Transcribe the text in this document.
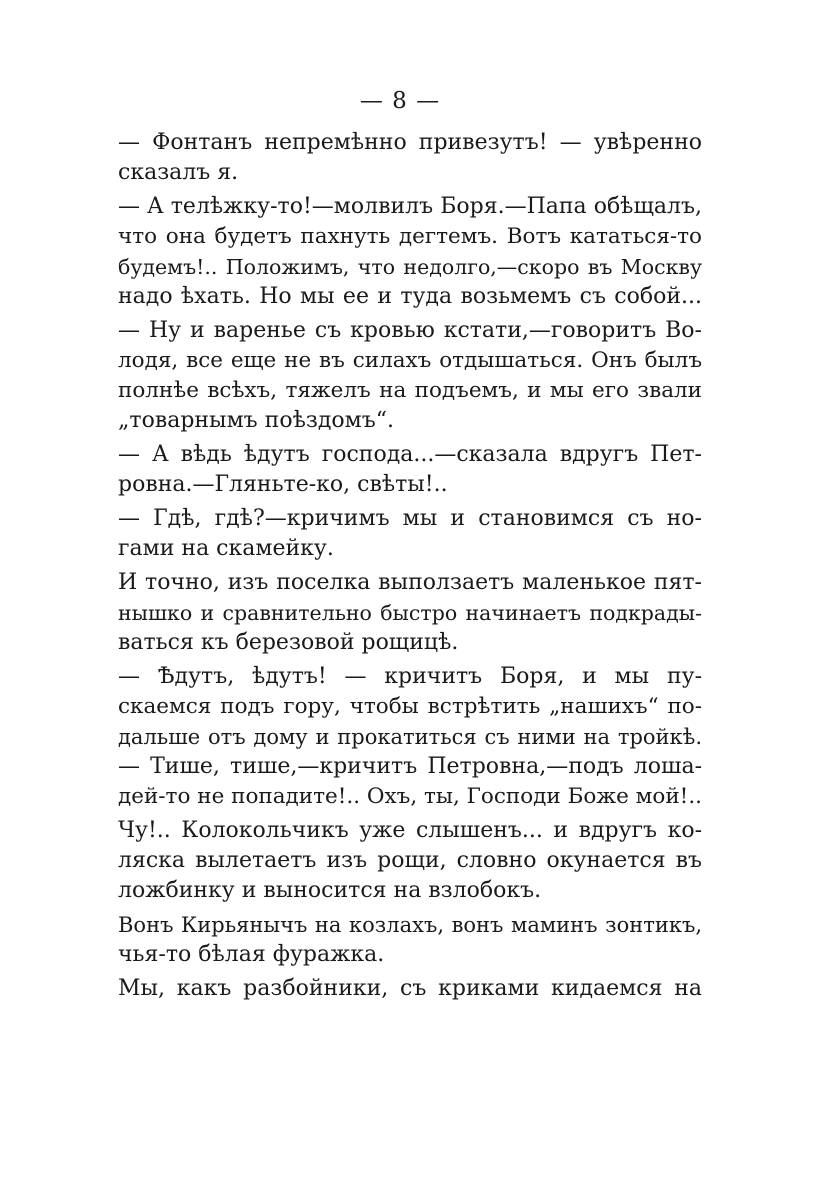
— 8 —
— Фонтанъ непремѣнно привезутъ! — увѣренно
сказалъ я.
— А телѣжку-то!—молвилъ Боря.—Папа обѣщалъ,
что она будетъ пахнуть дегтемъ. Вотъ кататься-то
будемъ!.. Положимъ, что недолго,—скоро въ Москву
надо ѣхать. Но мы ее и туда возьмемъ съ собой...
— Ну и варенье съ кровью кстати,—говоритъ Во-
лодя, все еще не въ силахъ отдышаться. Онъ былъ
полнѣе всѣхъ, тяжелъ на подъемъ, и мы его звали
„товарнымъ поѣздомъ“.
— А вѣдь ѣдутъ господа...—сказала вдругъ Пет-
ровна.—Гляньте-ко, свѣты!..
— Гдѣ, гдѣ?—кричимъ мы и становимся съ но-
гами на скамейку.
И точно, изъ поселка выползаетъ маленькое пят-
нышко и сравнительно быстро начинаетъ подкрады-
ваться къ березовой рощицѣ.
— Ѣдутъ, ѣдутъ! — кричитъ Боря, и мы пу-
скаемся подъ гору, чтобы встрѣтить „нашихъ“ по-
дальше отъ дому и прокатиться съ ними на тройкѣ.
— Тише, тише,—кричитъ Петровна,—подъ лоша-
дей-то не попадите!.. Охъ, ты, Господи Боже мой!..
Чу!.. Колокольчикъ уже слышенъ... и вдругъ ко-
ляска вылетаетъ изъ рощи, словно окунается въ
ложбинку и выносится на взлобокъ.
Вонъ Кирьянычъ на козлахъ, вонъ маминъ зонтикъ,
чья-то бѣлая фуражка.
Мы, какъ разбойники, съ криками кидаемся на
